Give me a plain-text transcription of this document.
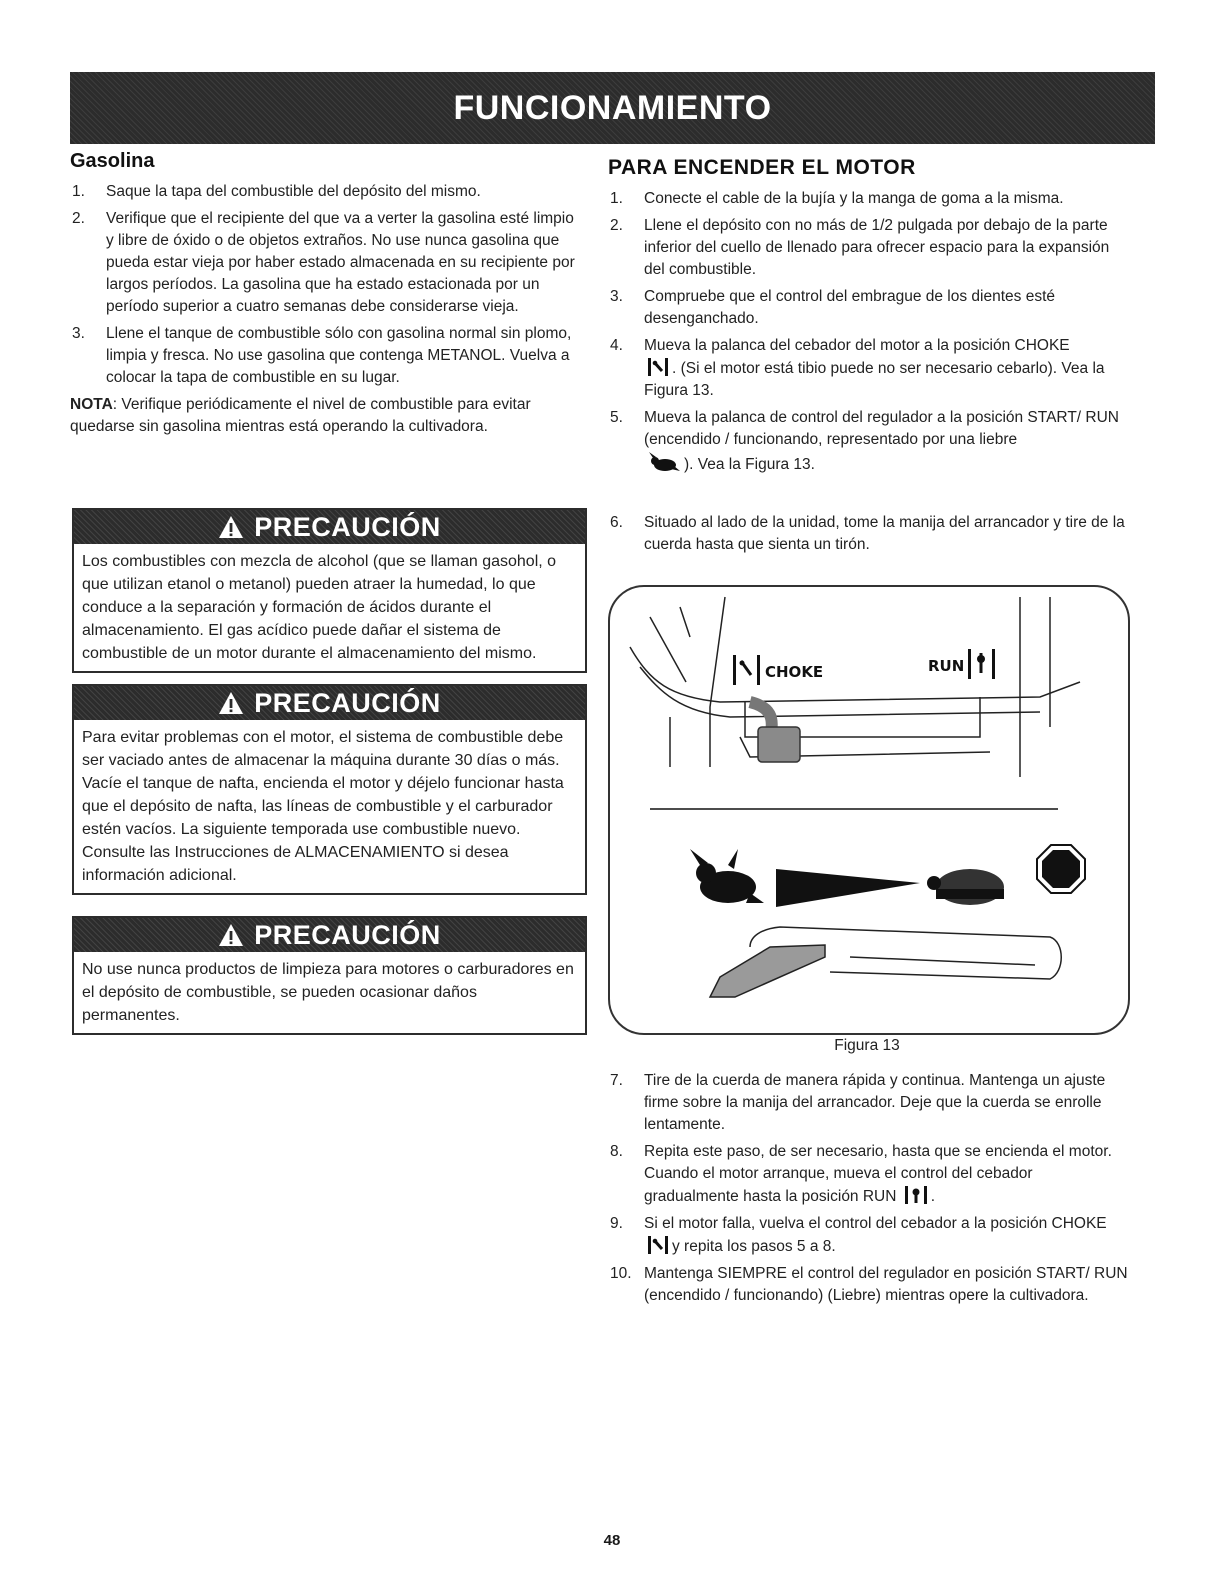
FUNCIONAMIENTO
Gasolina
1. Saque la tapa del combustible del depósito del mismo.
2. Verifique que el recipiente del que va a verter la gasolina esté limpio y libre de óxido o de objetos extraños. No use nunca gasolina que pueda estar vieja por haber estado almacenada en su recipiente por largos períodos. La gasolina que ha estado estacionada por un período superior a cuatro semanas debe considerarse vieja.
3. Llene el tanque de combustible sólo con gasolina normal sin plomo, limpia y fresca. No use gasolina que contenga METANOL. Vuelva a colocar la tapa de combustible en su lugar.

NOTA: Verifique periódicamente el nivel de combustible para evitar quedarse sin gasolina mientras está operando la cultivadora.

PRECAUCIÓN
Los combustibles con mezcla de alcohol (que se llaman gasohol, o que utilizan etanol o metanol) pueden atraer la humedad, lo que conduce a la separación y formación de ácidos durante el almacenamiento. El gas acídico puede dañar el sistema de combustible de un motor durante el almacenamiento del mismo.
PRECAUCIÓN
Para evitar problemas con el motor, el sistema de combustible debe ser vaciado antes de almacenar la máquina durante 30 días o más. Vacíe el tanque de nafta, encienda el motor y déjelo funcionar hasta que el depósito de nafta, las líneas de combustible y el carburador estén vacíos. La siguiente temporada use combustible nuevo. Consulte las Instrucciones de ALMACENAMIENTO si desea información adicional.
PRECAUCIÓN
No use nunca productos de limpieza para motores o carburadores en el depósito de combustible, se pueden ocasionar daños permanentes.
PARA ENCENDER EL MOTOR
1. Conecte el cable de la bujía y la manga de goma a la misma.
2. Llene el depósito con no más de 1/2 pulgada por debajo de la parte inferior del cuello de llenado para ofrecer espacio para la expansión del combustible.
3. Compruebe que el control del embrague de los dientes esté desenganchado.
4. Mueva la palanca del cebador del motor a la posición CHOKE
. (Si el motor está tibio puede no ser necesario cebarlo). Vea la Figura 13.
5. Mueva la palanca de control del regulador a la posición START/ RUN (encendido / funcionando, representado por una liebre
). Vea la Figura 13.
6. Situado al lado de la unidad, tome la manija del arrancador y tire de la cuerda hasta que sienta un tirón.
CHOKE	RUN
Figura 13
7. Tire de la cuerda de manera rápida y continua. Mantenga un ajuste firme sobre la manija del arrancador. Deje que la cuerda se enrolle lentamente.
8. Repita este paso, de ser necesario, hasta que se encienda el motor. Cuando el motor arranque, mueva el control del cebador gradualmente hasta la posición RUN .
9. Si el motor falla, vuelva el control del cebador a la posición CHOKE y repita los pasos 5 a 8.
10. Mantenga SIEMPRE el control del regulador en posición START/ RUN (encendido / funcionando) (Liebre) mientras opere la cultivadora.
48
